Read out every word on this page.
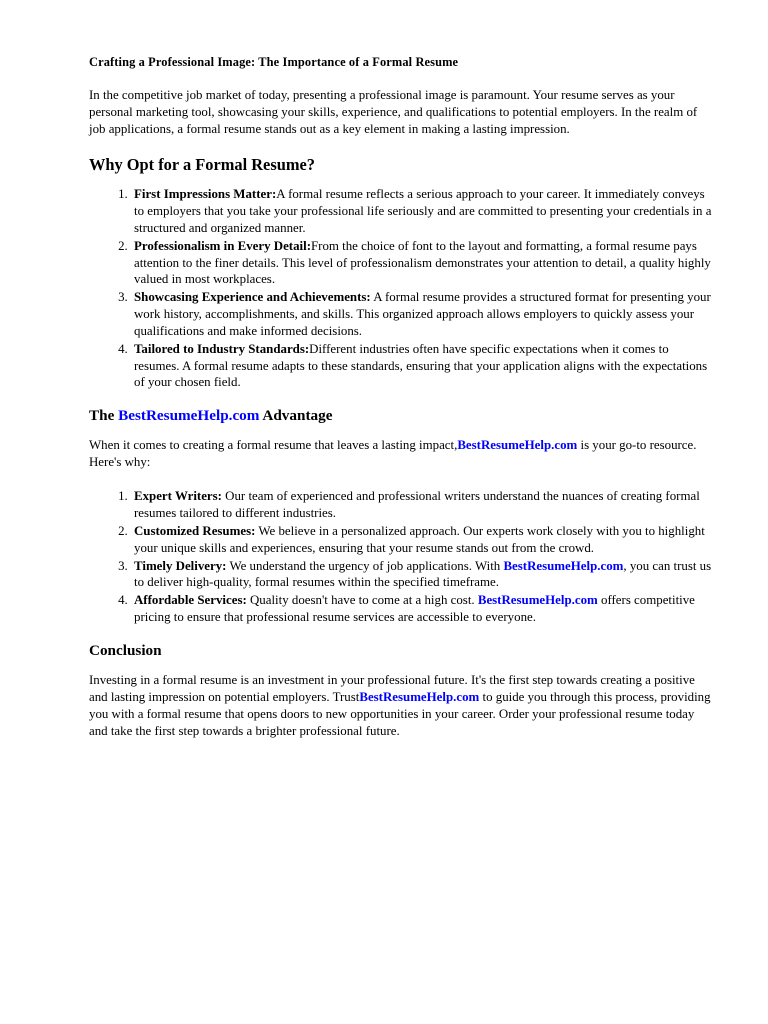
Crafting a Professional Image: The Importance of a Formal Resume

In the competitive job market of today, presenting a professional image is paramount. Your resume serves as your personal marketing tool, showcasing your skills, experience, and qualifications to potential employers. In the realm of job applications, a formal resume stands out as a key element in making a lasting impression.

Why Opt for a Formal Resume?
1. First Impressions Matter:A formal resume reflects a serious approach to your career. It immediately conveys to employers that you take your professional life seriously and are committed to presenting your credentials in a structured and organized manner.
2. Professionalism in Every Detail:From the choice of font to the layout and formatting, a formal resume pays attention to the finer details. This level of professionalism demonstrates your attention to detail, a quality highly valued in most workplaces.
3. Showcasing Experience and Achievements: A formal resume provides a structured format for presenting your work history, accomplishments, and skills. This organized approach allows employers to quickly assess your qualifications and make informed decisions.
4. Tailored to Industry Standards:Different industries often have specific expectations when it comes to resumes. A formal resume adapts to these standards, ensuring that your application aligns with the expectations of your chosen field.
The BestResumeHelp.com Advantage

When it comes to creating a formal resume that leaves a lasting impact,BestResumeHelp.com is your go-to resource. Here's why:

1. Expert Writers: Our team of experienced and professional writers understand the nuances of creating formal resumes tailored to different industries.
2. Customized Resumes: We believe in a personalized approach. Our experts work closely with you to highlight your unique skills and experiences, ensuring that your resume stands out from the crowd.
3. Timely Delivery: We understand the urgency of job applications. With BestResumeHelp.com, you can trust us to deliver high-quality, formal resumes within the specified timeframe.
4. Affordable Services: Quality doesn't have to come at a high cost. BestResumeHelp.com offers competitive pricing to ensure that professional resume services are accessible to everyone.
Conclusion

Investing in a formal resume is an investment in your professional future. It's the first step towards creating a positive and lasting impression on potential employers. TrustBestResumeHelp.com to guide you through this process, providing you with a formal resume that opens doors to new opportunities in your career. Order your professional resume today and take the first step towards a brighter professional future.
